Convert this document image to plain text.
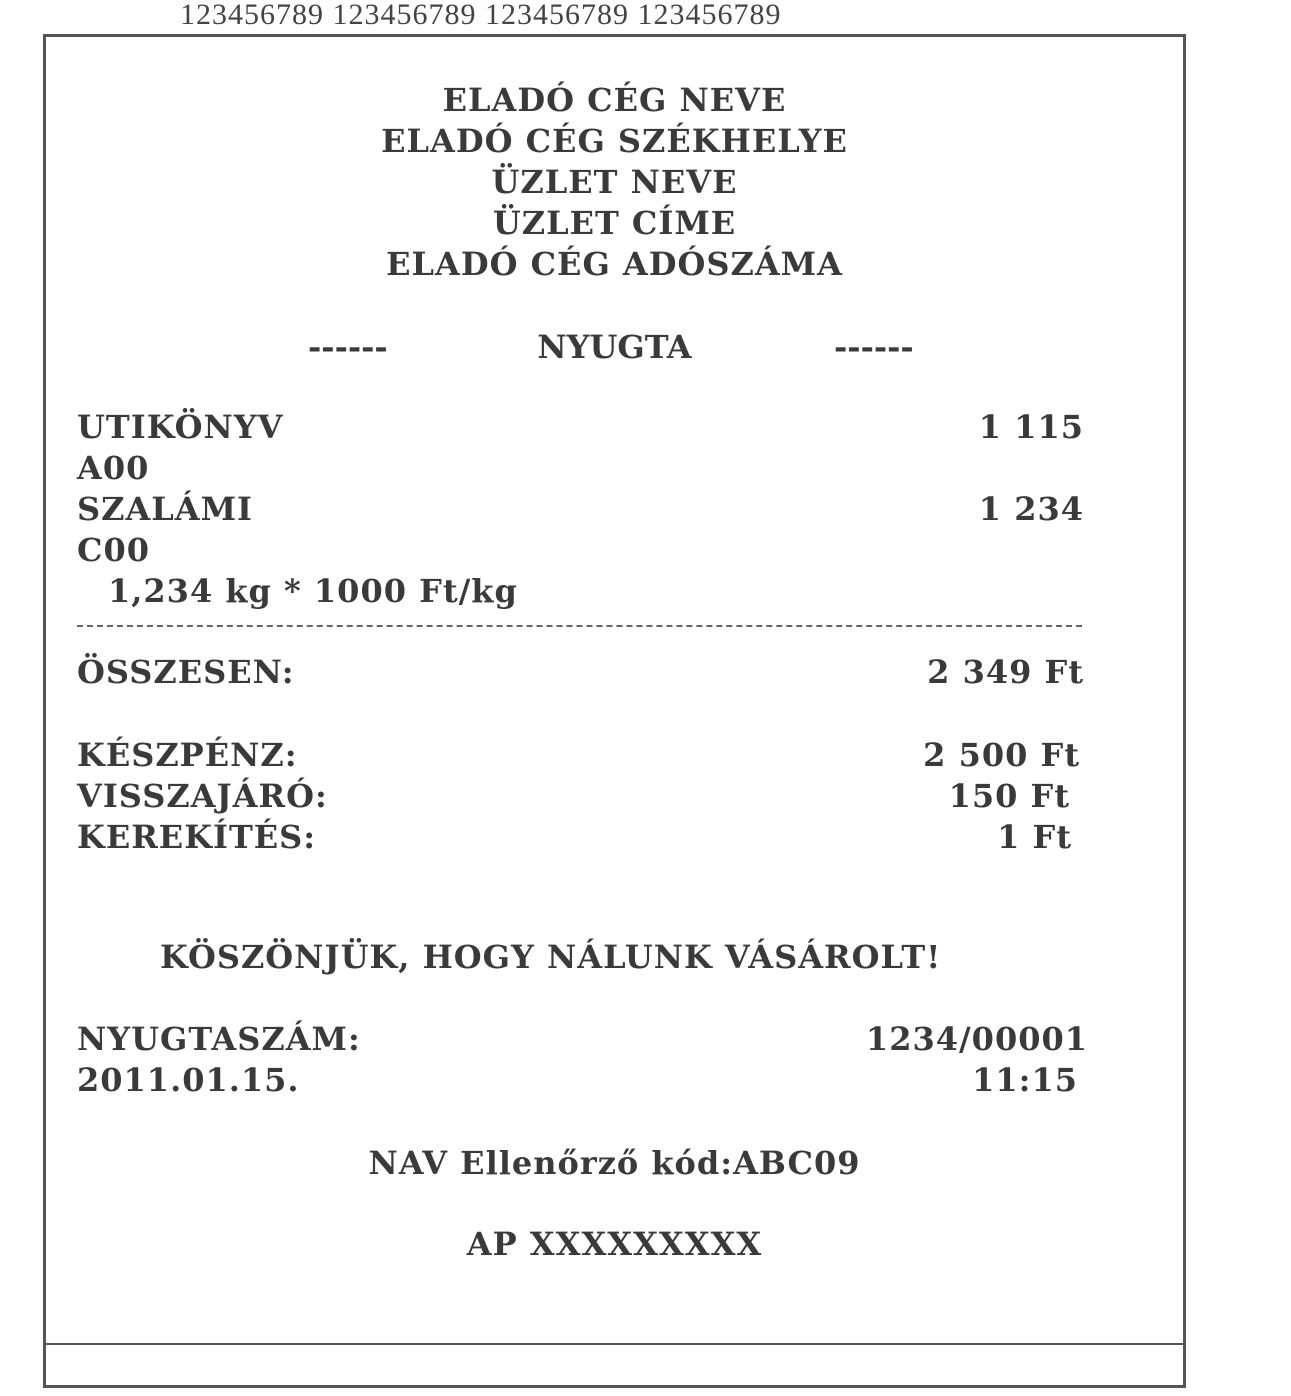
123456789 123456789 123456789 123456789
ELADÓ CÉG NEVE
ELADÓ CÉG SZÉKHELYE
ÜZLET NEVE
ÜZLET CÍME
ELADÓ CÉG ADÓSZÁMA
------	NYUGTA	------
UTIKÖNYV	1 115
A00
SZALÁMI	1 234
C00
1,234 kg * 1000 Ft/kg
ÖSSZESEN:	2 349 Ft
KÉSZPÉNZ:	2 500 Ft
VISSZAJÁRÓ:	150 Ft
KEREKÍTÉS:	1 Ft
KÖSZÖNJÜK, HOGY NÁLUNK VÁSÁROLT!
NYUGTASZÁM:	1234/00001
2011.01.15.	11:15
NAV Ellenőrző kód:ABC09
AP XXXXXXXXX
